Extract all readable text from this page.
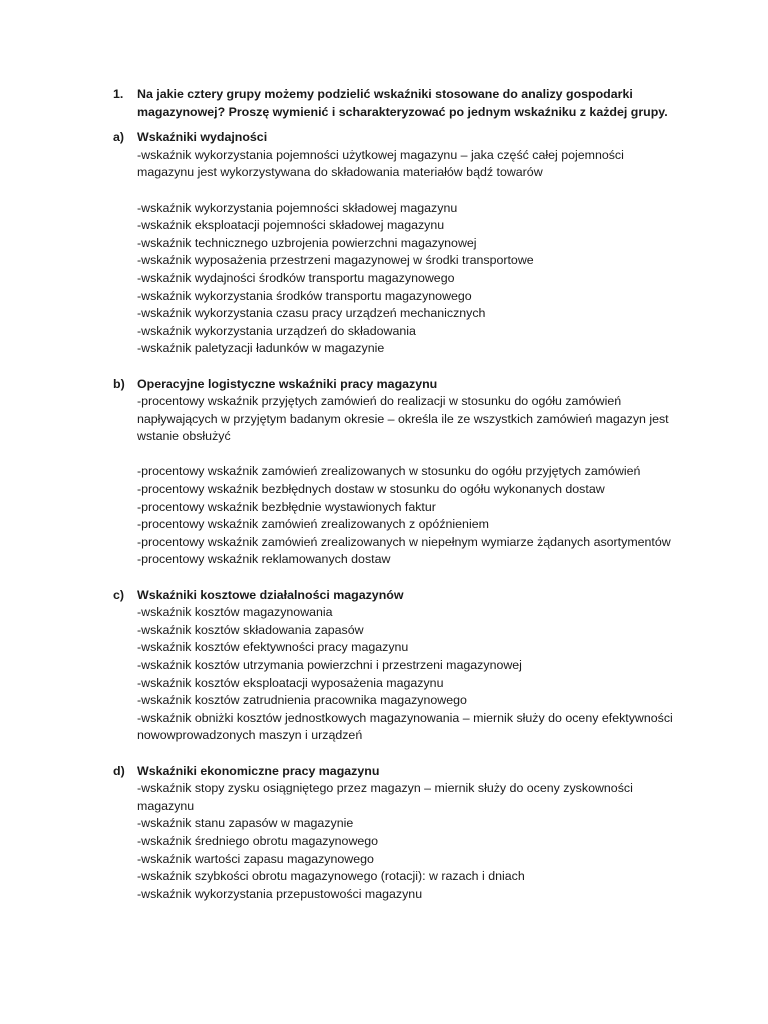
1.	Na jakie cztery grupy możemy podzielić wskaźniki stosowane do analizy gospodarki magazynowej? Proszę wymienić i scharakteryzować po jednym wskaźniku z każdej grupy.
a)	Wskaźniki wydajności
-wskaźnik wykorzystania pojemności użytkowej magazynu – jaka część całej pojemności magazynu jest wykorzystywana do składowania materiałów bądź towarów
-wskaźnik wykorzystania pojemności składowej magazynu
-wskaźnik eksploatacji pojemności składowej magazynu
-wskaźnik technicznego uzbrojenia powierzchni magazynowej
-wskaźnik wyposażenia przestrzeni magazynowej w środki transportowe
-wskaźnik wydajności środków transportu magazynowego
-wskaźnik wykorzystania środków transportu magazynowego
-wskaźnik wykorzystania czasu pracy urządzeń mechanicznych
-wskaźnik wykorzystania urządzeń do składowania
-wskaźnik paletyzacji ładunków w magazynie
b) Operacyjne logistyczne wskaźniki pracy magazynu
-procentowy wskaźnik przyjętych zamówień do realizacji w stosunku do ogółu zamówień napływających w przyjętym badanym okresie – określa ile ze wszystkich zamówień magazyn jest wstanie obsłużyć
-procentowy wskaźnik zamówień zrealizowanych w stosunku do ogółu przyjętych zamówień
-procentowy wskaźnik bezbłędnych dostaw w stosunku do ogółu wykonanych dostaw
-procentowy wskaźnik bezbłędnie wystawionych faktur
-procentowy wskaźnik zamówień zrealizowanych z opóźnieniem
-procentowy wskaźnik zamówień zrealizowanych w niepełnym wymiarze żądanych asortymentów
-procentowy wskaźnik reklamowanych dostaw
c)	Wskaźniki kosztowe działalności magazynów
-wskaźnik kosztów magazynowania
-wskaźnik kosztów składowania zapasów
-wskaźnik kosztów efektywności pracy magazynu
-wskaźnik kosztów utrzymania powierzchni i przestrzeni magazynowej
-wskaźnik kosztów eksploatacji wyposażenia magazynu
-wskaźnik kosztów zatrudnienia pracownika magazynowego
-wskaźnik obniżki kosztów jednostkowych magazynowania – miernik służy do oceny efektywności nowowprowadzonych maszyn i urządzeń
d) Wskaźniki ekonomiczne pracy magazynu
-wskaźnik stopy zysku osiągniętego przez magazyn – miernik służy do oceny zyskowności magazynu
-wskaźnik stanu zapasów w magazynie
-wskaźnik średniego obrotu magazynowego
-wskaźnik wartości zapasu magazynowego
-wskaźnik szybkości obrotu magazynowego (rotacji): w razach i dniach
-wskaźnik wykorzystania przepustowości magazynu
